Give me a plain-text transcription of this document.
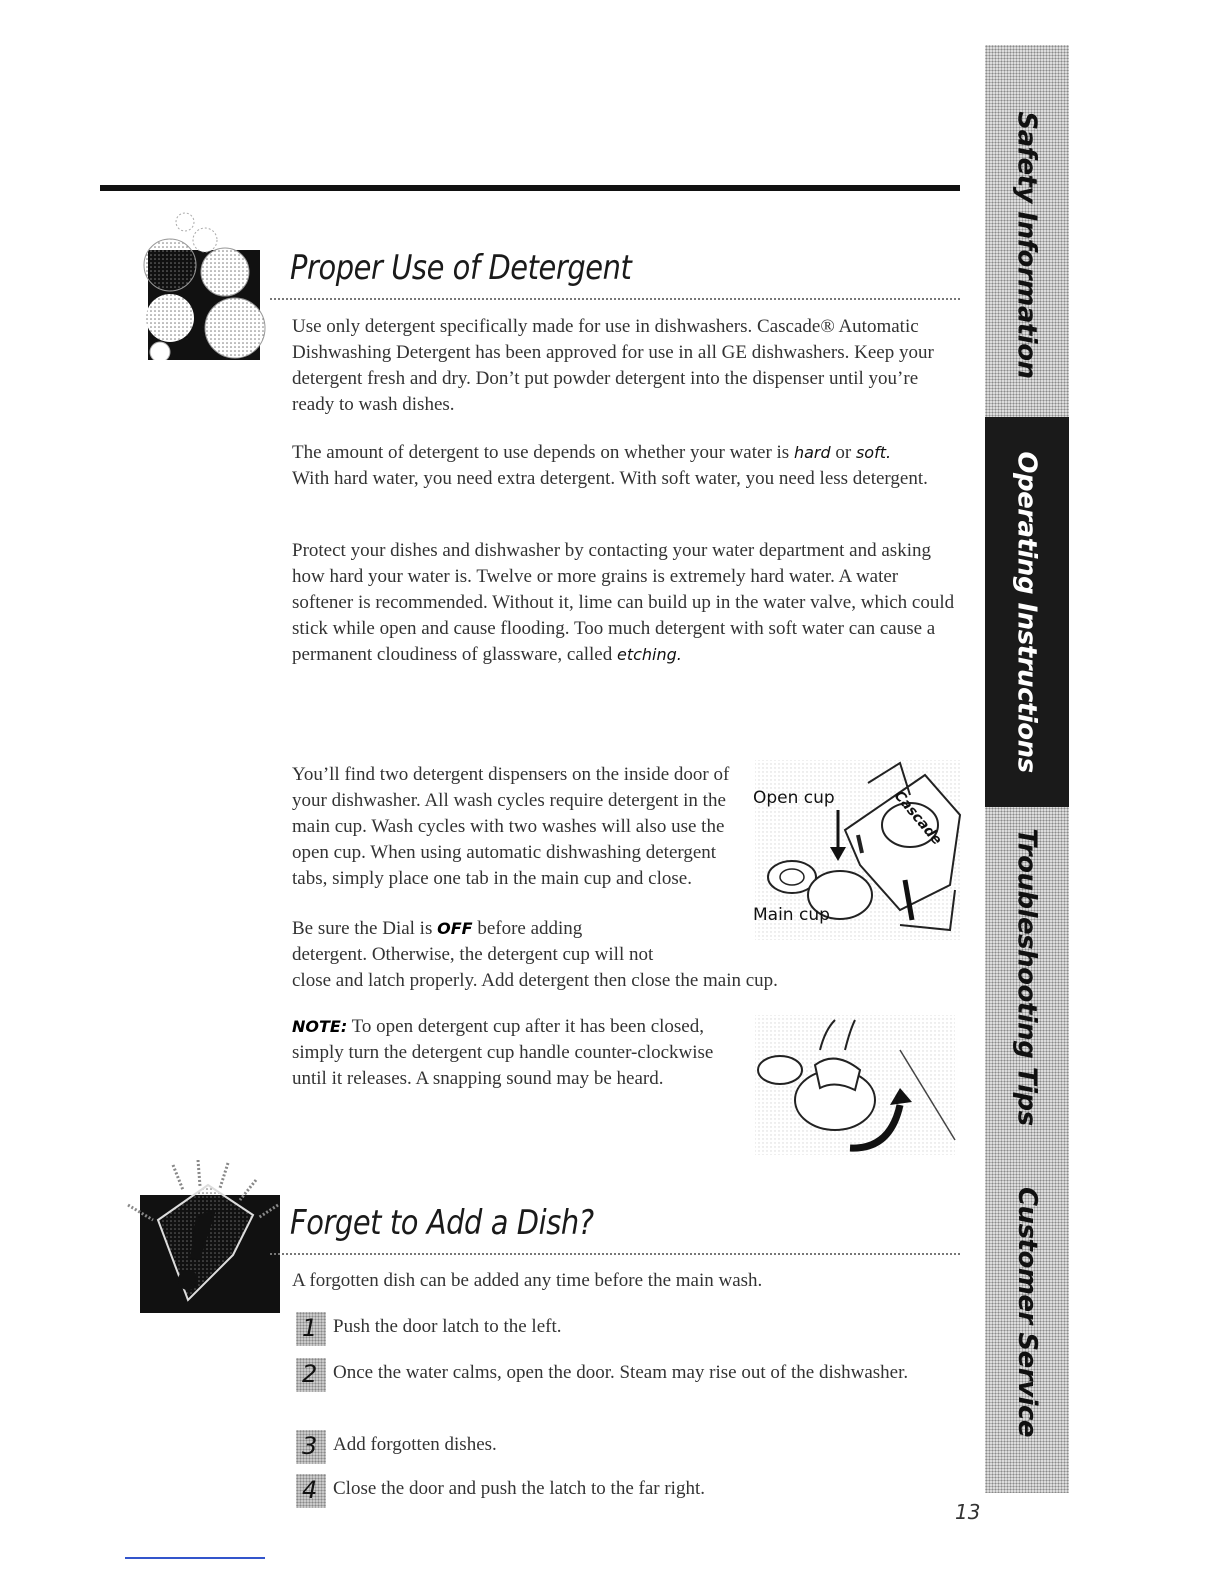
Proper Use of Detergent

Use only detergent specifically made for use in dishwashers. Cascade® Automatic Dishwashing Detergent has been approved for use in all GE dishwashers. Keep your detergent fresh and dry. Don’t put powder detergent into the dispenser until you’re ready to wash dishes.

The amount of detergent to use depends on whether your water is hard or soft. With hard water, you need extra detergent. With soft water, you need less detergent.

Protect your dishes and dishwasher by contacting your water department and asking how hard your water is. Twelve or more grains is extremely hard water. A water softener is recommended. Without it, lime can build up in the water valve, which could stick while open and cause flooding. Too much detergent with soft water can cause a permanent cloudiness of glassware, called etching.

You’ll find two detergent dispensers on the inside door of your dishwasher. All wash cycles require detergent in the main cup. Wash cycles with two washes will also use the open cup. When using automatic dishwashing detergent tabs, simply place one tab in the main cup and close.

Be sure the Dial is OFF before adding

detergent. Otherwise, the detergent cup will not

close and latch properly. Add detergent then close the main cup.

NOTE: To open detergent cup after it has been closed, simply turn the detergent cup handle counter-clockwise until it releases. A snapping sound may be heard.

Open cup
Main cup
Cascade
Forget to Add a Dish?

A forgotten dish can be added any time before the main wash.

1 Push the door latch to the left.

2 Once the water calms, open the door. Steam may rise out of the dishwasher.

3 Add forgotten dishes.

4 Close the door and push the latch to the far right.

13
Safety Information
Operating Instructions
Troubleshooting Tips
Customer Service
